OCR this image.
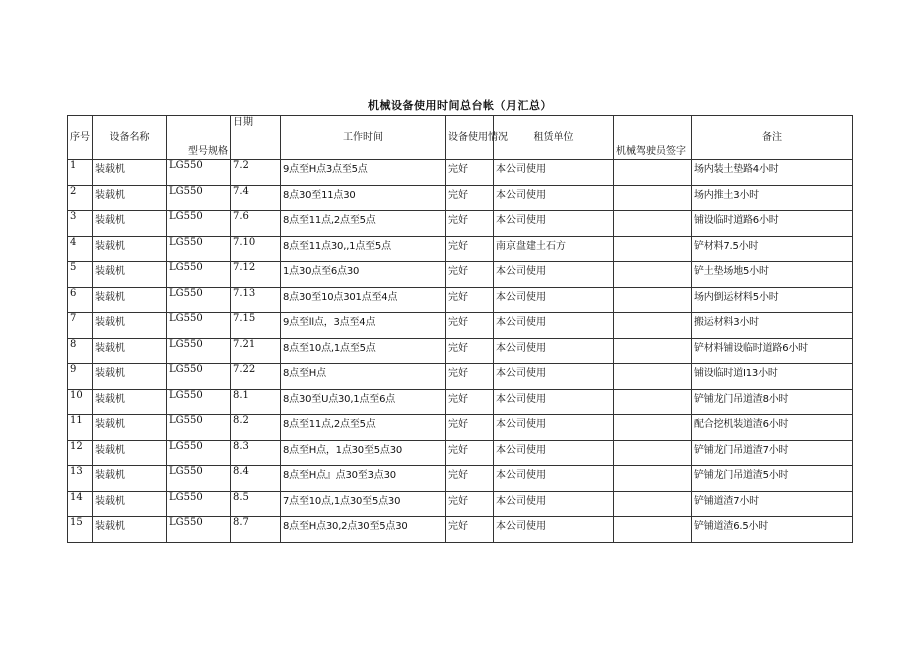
机械设备使用时间总台帐（月汇总）
序号	设备名称	型号规格	日期	工作时间	设备使用情况	租赁单位	机械驾驶员签字	备注
1	装载机	LG550	7.2	9点至H点3点至5点	完好	本公司使用		场内装土垫路4小时
2	装载机	LG550	7.4	8点30至11点30	完好	本公司使用		场内推土3小时
3	装载机	LG550	7.6	8点至11点,2点至5点	完好	本公司使用		铺设临时道路6小时
4	装载机	LG550	7.10	8点至11点30,,1点至5点	完好	南京盘建土石方		铲材料7.5小时
5	装载机	LG550	7.12	1点30点至6点30	完好	本公司使用		铲土垫场地5小时
6	装载机	LG550	7.13	8点30至10点301点至4点	完好	本公司使用		场内倒运材料5小时
7	装载机	LG550	7.15	9点至ll点，3点至4点	完好	本公司使用		搬运材料3小时
8	装载机	LG550	7.21	8点至10点,1点至5点	完好	本公司使用		铲材料铺设临时道路6小时
9	装载机	LG550	7.22	8点至H点	完好	本公司使用		铺设临时道I13小时
10	装载机	LG550	8.1	8点30至U点30,1点至6点	完好	本公司使用		铲铺龙门吊道渣8小时
11	装载机	LG550	8.2	8点至11点,2点至5点	完好	本公司使用		配合挖机装道渣6小时
12	装载机	LG550	8.3	8点至H点，1点30至5点30	完好	本公司使用		铲铺龙门吊道渣7小时
13	装载机	LG550	8.4	8点至H点』点30至3点30	完好	本公司使用		铲铺龙门吊道渣5小时
14	装载机	LG550	8.5	7点至10点,1点30至5点30	完好	本公司使用		铲铺道渣7小时
15	装载机	LG550	8.7	8点至H点30,2点30至5点30	完好	本公司使用		铲铺道渣6.5小时
